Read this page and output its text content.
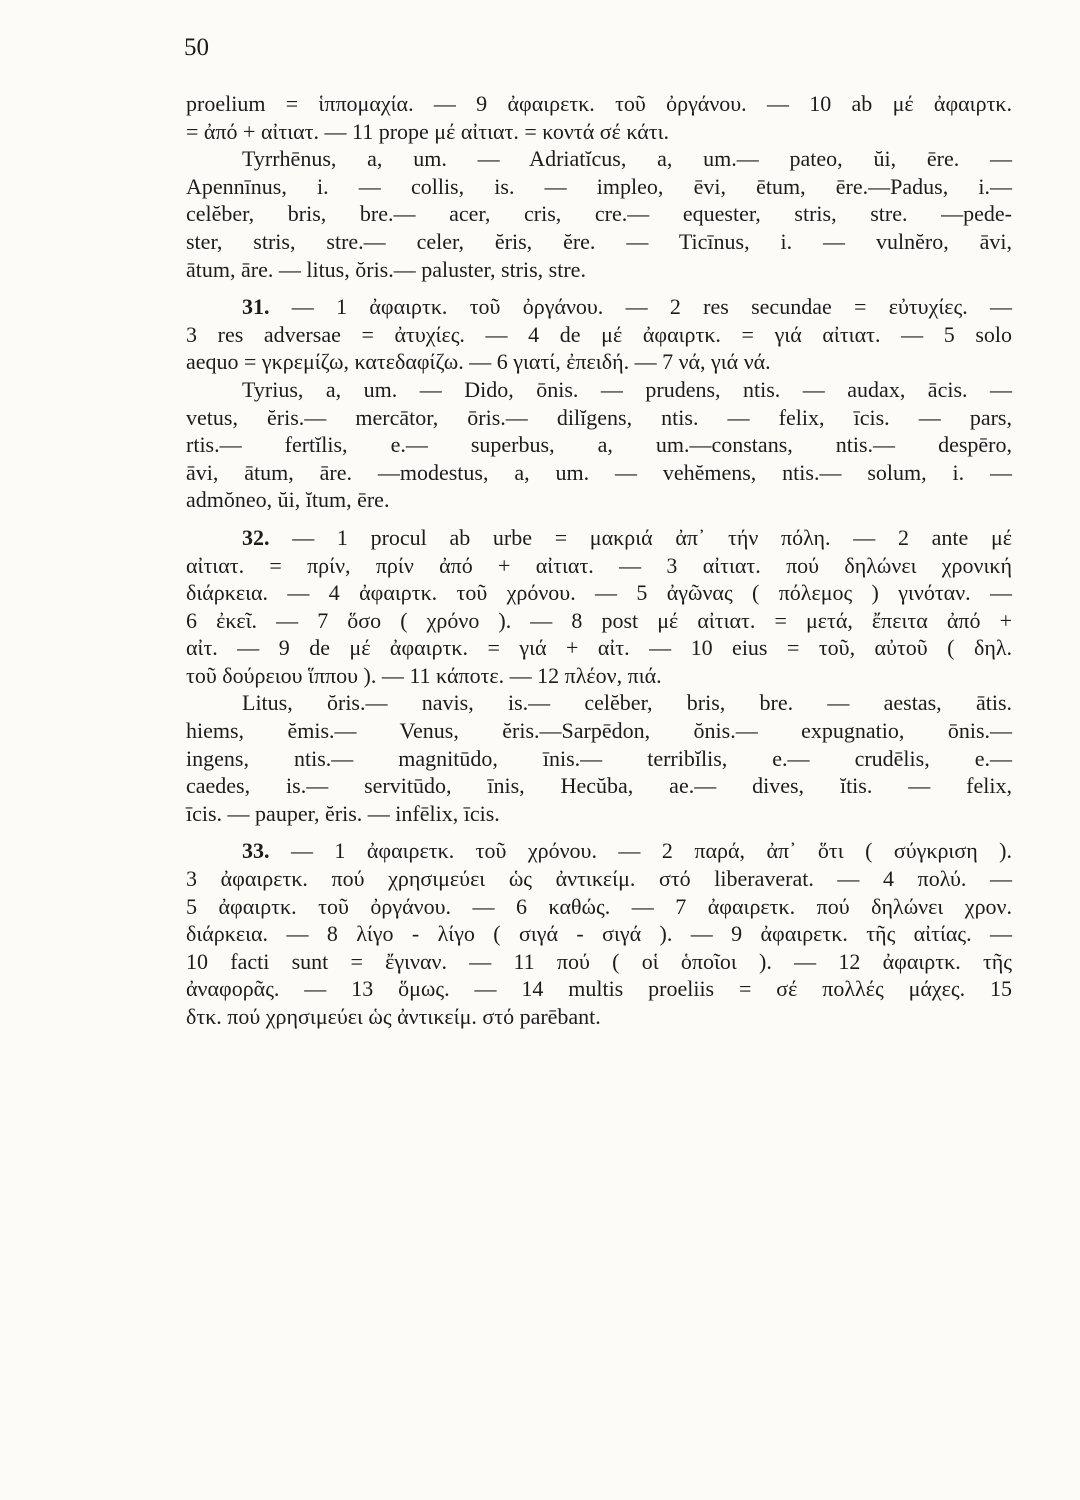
50
proelium = ἱππομαχία. — 9 ἀφαιρετκ. τοῦ ὀργάνου. — 10 ab μέ ἀφαιρτκ.
= ἀπό + αἰτιατ. — 11 prope μέ αἰτιατ. = κοντά σέ κάτι.
Tyrrhēnus, a, um. — Adriatĭcus, a, um.— pateo, ŭi, ēre. —
Apennīnus, i. — collis, is. — impleo, ēvi, ētum, ēre.—Padus, i.—
celĕber, bris, bre.— acer, cris, cre.— equester, stris, stre. —pede-
ster, stris, stre.— celer, ĕris, ĕre. — Ticīnus, i. — vulnĕro, āvi,
ātum, āre. — litus, ŏris.— paluster, stris, stre.
31. — 1 ἀφαιρτκ. τοῦ ὀργάνου. — 2 res secundae = εὐτυχίες. —
3 res adversae = ἀτυχίες. — 4 de μέ ἀφαιρτκ. = γιά αἰτιατ. — 5 solo
aequo = γκρεμίζω, κατεδαφίζω. — 6 γιατί, ἐπειδή. — 7 νά, γιά νά.
Tyrius, a, um. — Dido, ōnis. — prudens, ntis. — audax, ācis. —
vetus, ĕris.— mercātor, ōris.— dilĭgens, ntis. — felix, īcis. — pars,
rtis.— fertĭlis, e.— superbus, a, um.—constans, ntis.— despēro,
āvi, ātum, āre. —modestus, a, um. — vehĕmens, ntis.— solum, i. —
admŏneo, ŭi, ĭtum, ēre.
32. — 1 procul ab urbe = μακριά ἀπ᾽ τήν πόλη. — 2 ante μέ
αἰτιατ. = πρίν, πρίν ἀπό + αἰτιατ. — 3 αἰτιατ. πού δηλώνει χρονική
διάρκεια. — 4 ἀφαιρτκ. τοῦ χρόνου. — 5 ἀγῶνας ( πόλεμος ) γινόταν. —
6 ἐκεῖ. — 7 ὅσο ( χρόνο ). — 8 post μέ αἰτιατ. = μετά, ἔπειτα ἀπό +
αἰτ. — 9 de μέ ἀφαιρτκ. = γιά + αἰτ. — 10 eius = τοῦ, αὐτοῦ ( δηλ.
τοῦ δούρειου ἵππου ). — 11 κάποτε. — 12 πλέον, πιά.
Litus, ŏris.— navis, is.— celĕber, bris, bre. — aestas, ātis.
hiems, ĕmis.— Venus, ĕris.—Sarpēdon, ŏnis.— expugnatio, ōnis.—
ingens, ntis.— magnitūdo, īnis.— terribĭlis, e.— crudēlis, e.—
caedes, is.— servitūdo, īnis, Hecŭba, ae.— dives, ĭtis. — felix,
īcis. — pauper, ĕris. — infēlix, īcis.
33. — 1 ἀφαιρετκ. τοῦ χρόνου. — 2 παρά, ἀπ᾽ ὅτι ( σύγκριση ).
3 ἀφαιρετκ. πού χρησιμεύει ὡς ἀντικείμ. στό liberaverat. — 4 πολύ. —
5 ἀφαιρτκ. τοῦ ὀργάνου. — 6 καθώς. — 7 ἀφαιρετκ. πού δηλώνει χρον.
διάρκεια. — 8 λίγο - λίγο ( σιγά - σιγά ). — 9 ἀφαιρετκ. τῆς αἰτίας. —
10 facti sunt = ἔγιναν. — 11 πού ( οἱ ὁποῖοι ). — 12 ἀφαιρτκ. τῆς
ἀναφορᾶς. — 13 ὅμως. — 14 multis proeliis = σέ πολλές μάχες. 15
δτκ. πού χρησιμεύει ὡς ἀντικείμ. στό parēbant.
